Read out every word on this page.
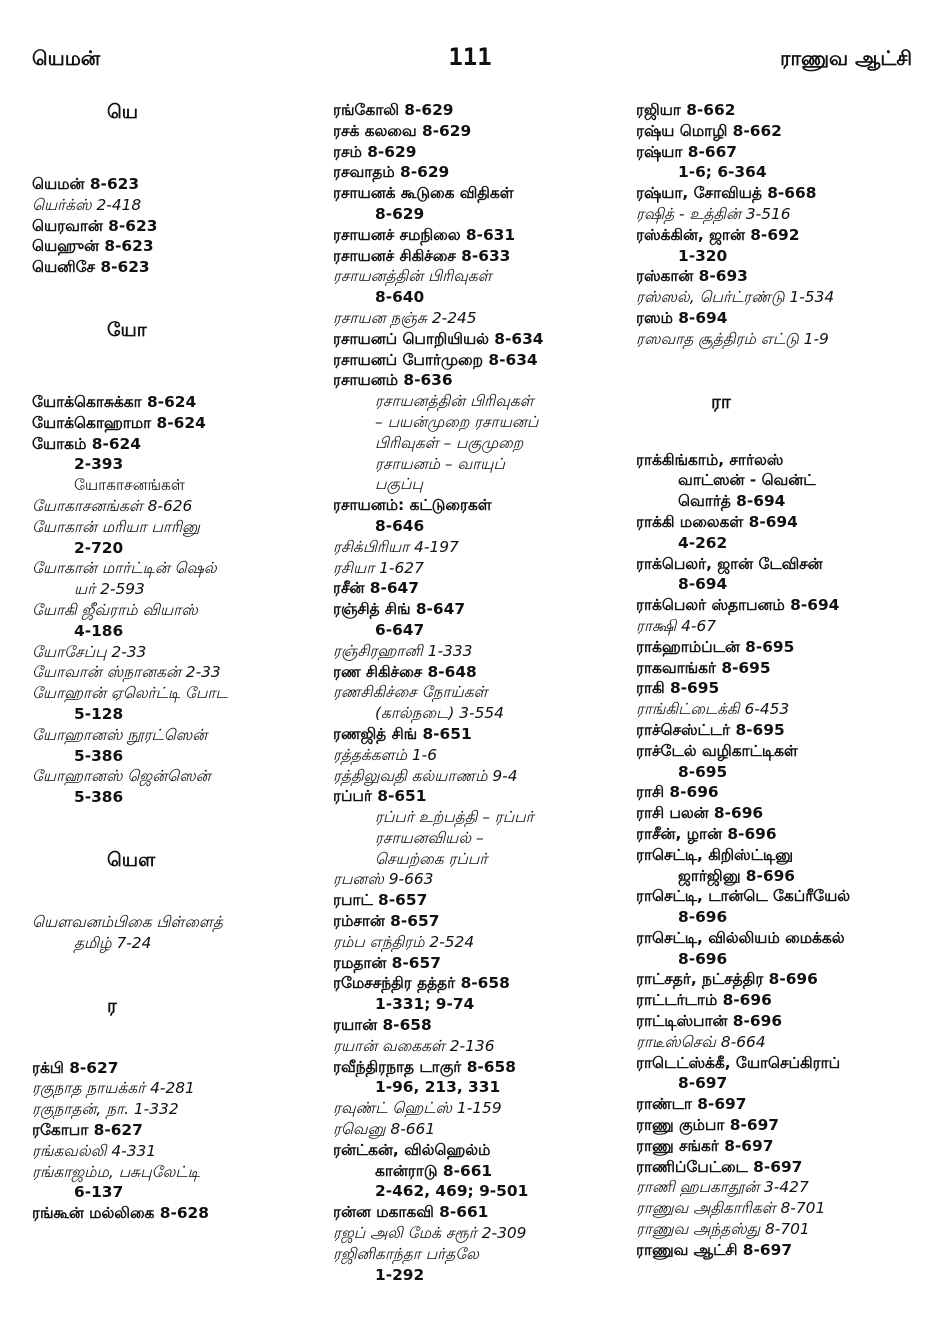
யெமன்	111	ராணுவ ஆட்சி
யெ
யெமன் 8-623
யெர்க்ஸ் 2-418
யெரவான் 8-623
யெஹுன் 8-623
யெனிசே 8-623
யோ
யோக்கொசுக்கா 8-624
யோக்கொஹாமா 8-624
யோகம் 8-624
2-393
யோகாசனங்கள்
யோகாசனங்கள் 8-626
யோகான் மரியா பாரினு
2-720
யோகான் மார்ட்டின் ஷெல்
யர் 2-593
யோகி ஜீவ்ராம் வியாஸ்
4-186
யோசேப்பு 2-33
யோவான் ஸ்நானகன் 2-33
யோஹான் ஏலெர்ட்டி போட
5-128
யோஹானஸ் நூரட்ஸென்
5-386
யோஹானஸ் ஜென்ஸென்
5-386
யௌ
யௌவனம்பிகை பிள்ளைத்
தமிழ் 7-24
ர
ரக்பி 8-627
ரகுநாத நாயக்கர் 4-281
ரகுநாதன், நா. 1-332
ரகோபா 8-627
ரங்கவல்லி 4-331
ரங்காஜம்ம, பசுபுலேட்டி
6-137
ரங்கூன் மல்லிகை 8-628
ரங்கோலி 8-629
ரசக் கலவை 8-629
ரசம் 8-629
ரசவாதம் 8-629
ரசாயனக் கூடுகை விதிகள்
8-629
ரசாயனச் சமநிலை 8-631
ரசாயனச் சிகிச்சை 8-633
ரசாயனத்தின் பிரிவுகள்
8-640
ரசாயன நஞ்சு 2-245
ரசாயனப் பொறியியல் 8-634
ரசாயனப் போர்முறை 8-634
ரசாயனம் 8-636
ரசாயனத்தின் பிரிவுகள்
– பயன்முறை ரசாயனப்
பிரிவுகள் – பகுமுறை
ரசாயனம் – வாயுப்
பகுப்பு
ரசாயனம்: கட்டுரைகள்
8-646
ரசிக்பிரியா 4-197
ரசியா 1-627
ரசீன் 8-647
ரஞ்சித் சிங் 8-647
6-647
ரஞ்சிரஹானி 1-333
ரண சிகிச்சை 8-648
ரணசிகிச்சை நோய்கள்
(கால்நடை) 3-554
ரணஜித் சிங் 8-651
ரத்தக்களம் 1-6
ரத்திலுவதி கல்யாணம் 9-4
ரப்பர் 8-651
ரப்பர் உற்பத்தி – ரப்பர்
ரசாயனவியல் –
செயற்கை ரப்பர்
ரபனஸ் 9-663
ரபாட் 8-657
ரம்சான் 8-657
ரம்ப எந்திரம் 2-524
ரமதான் 8-657
ரமேசசந்திர தத்தர் 8-658
1-331; 9-74
ரயான் 8-658
ரயான் வகைகள் 2-136
ரவீந்திரநாத டாகுர் 8-658
1-96, 213, 331
ரவுண்ட் ஹெட்ஸ் 1-159
ரவெனு 8-661
ரன்ட்கன், வில்ஹெல்ம்
கான்ராடு 8-661
2-462, 469; 9-501
ரன்ன மகாகவி 8-661
ரஜப் அலி மேக் சரூர் 2-309
ரஜினிகாந்தா பர்தலே
1-292
ரஜியா 8-662
ரஷ்ய மொழி 8-662
ரஷ்யா 8-667
1-6; 6-364
ரஷ்யா, சோவியத் 8-668
ரஷித் - உத்தின் 3-516
ரஸ்க்கின், ஜான் 8-692
1-320
ரஸ்கான் 8-693
ரஸ்ஸல், பெர்ட்ரண்டு 1-534
ரஸம் 8-694
ரஸவாத சூத்திரம் எட்டு 1-9
ரா
ராக்கிங்காம், சார்லஸ்
வாட்ஸன் - வென்ட்
வொர்த் 8-694
ராக்கி மலைகள் 8-694
4-262
ராக்பெலர், ஜான் டேவிசன்
8-694
ராக்பெலர் ஸ்தாபனம் 8-694
ராக்ஷி 4-67
ராக்ஹாம்ப்டன் 8-695
ராகவாங்கர் 8-695
ராகி 8-695
ராங்கிட்டைக்கி 6-453
ராச்செஸ்ட்டர் 8-695
ராச்டேல் வழிகாட்டிகள்
8-695
ராசி 8-696
ராசி பலன் 8-696
ராசீன், ழான் 8-696
ராசெட்டி, கிறிஸ்ட்டினு
ஜார்ஜினு 8-696
ராசெட்டி, டான்டெ கேப்ரீயேல்
8-696
ராசெட்டி, வில்லியம் மைக்கல்
8-696
ராட்சதர், நட்சத்திர 8-696
ராட்டர்டாம் 8-696
ராட்டிஸ்பான் 8-696
ராடீஸ்செவ் 8-664
ராடெட்ஸ்க்கீ, யோசெப்கிராப்
8-697
ராண்டா 8-697
ராணு கும்பா 8-697
ராணு சங்கர் 8-697
ராணிப்பேட்டை 8-697
ராணி ஹபகாதூன் 3-427
ராணுவ அதிகாரிகள் 8-701
ராணுவ அந்தஸ்து 8-701
ராணுவ ஆட்சி 8-697
